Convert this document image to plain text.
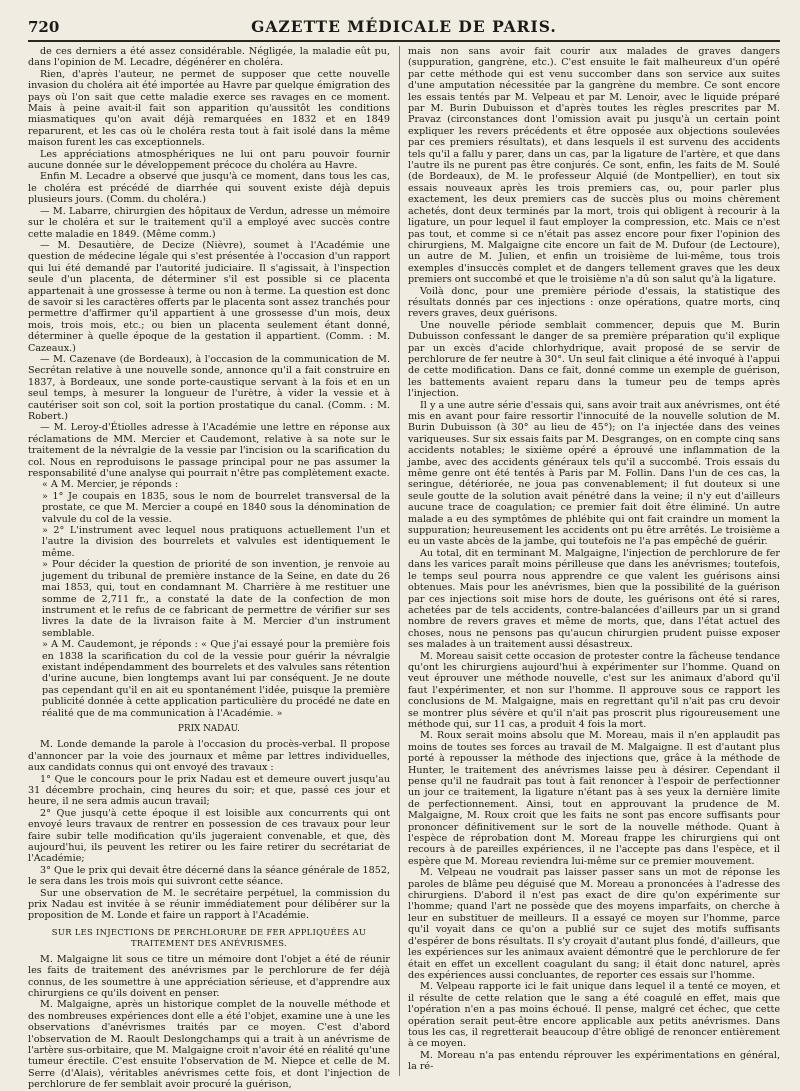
720	GAZETTE MÉDICALE DE PARIS.

de ces derniers a été assez considérable. Négligée, la maladie eût pu, dans l'opinion de M. Lecadre, dégénérer en choléra.

Rien, d'après l'auteur, ne permet de supposer que cette nouvelle invasion du choléra ait été importée au Havre par quelque émigration des pays où l'on sait que cette maladie exerce ses ravages en ce moment. Mais à peine avait-il fait son apparition qu'aussitôt les conditions miasmatiques qu'on avait déjà remarquées en 1832 et en 1849 reparurent, et les cas où le choléra resta tout à fait isolé dans la même maison furent les cas exceptionnels.

Les appréciations atmosphériques ne lui ont paru pouvoir fournir aucune donnée sur le développement précoce du choléra au Havre.

Enfin M. Lecadre a observé que jusqu'à ce moment, dans tous les cas, le choléra est précédé de diarrhée qui souvent existe déjà depuis plusieurs jours. (Comm. du choléra.)

— M. Labarre, chirurgien des hôpitaux de Verdun, adresse un mémoire sur le choléra et sur le traitement qu'il a employé avec succès contre cette maladie en 1849. (Même comm.)

— M. Desautière, de Decize (Nièvre), soumet à l'Académie une question de médecine légale qui s'est présentée à l'occasion d'un rapport qui lui été demandé par l'autorité judiciaire. Il s'agissait, à l'inspection seule d'un placenta, de déterminer s'il est possible si ce placenta appartenait à une grossesse à terme ou non à terme. La question est donc de savoir si les caractères offerts par le placenta sont assez tranchés pour permettre d'affirmer qu'il appartient à une grossesse d'un mois, deux mois, trois mois, etc.; ou bien un placenta seulement étant donné, déterminer à quelle époque de la gestation il appartient. (Comm. : M. Cazeaux.)

— M. Cazenave (de Bordeaux), à l'occasion de la communication de M. Secrétan relative à une nouvelle sonde, annonce qu'il a fait construire en 1837, à Bordeaux, une sonde porte-caustique servant à la fois et en un seul temps, à mesurer la longueur de l'urètre, à vider la vessie et à cautériser soit son col, soit la portion prostatique du canal. (Comm. : M. Robert.)

— M. Leroy-d'Étiolles adresse à l'Académie une lettre en réponse aux réclamations de MM. Mercier et Caudemont, relative à sa note sur le traitement de la névralgie de la vessie par l'incision ou la scarification du col. Nous en reproduisons le passage principal pour ne pas assumer la responsabilité d'une analyse qui pourrait n'être pas complètement exacte.

« A M. Mercier, je réponds :

» 1° Je coupais en 1835, sous le nom de bourrelet transversal de la prostate, ce que M. Mercier a coupé en 1840 sous la dénomination de valvule du col de la vessie.

» 2° L'instrument avec lequel nous pratiquons actuellement l'un et l'autre la division des bourrelets et valvules est identiquement le même.

» Pour décider la question de priorité de son invention, je renvoie au jugement du tribunal de première instance de la Seine, en date du 26 mai 1853, qui, tout en condamnant M. Charrière à me restituer une somme de 2,711 fr., a constaté la date de la confection de mon instrument et le refus de ce fabricant de permettre de vérifier sur ses livres la date de la livraison faite à M. Mercier d'un instrument semblable.

» A M. Caudemont, je réponds : « Que j'ai essayé pour la première fois en 1838 la scarification du col de la vessie pour guérir la névralgie existant indépendamment des bourrelets et des valvules sans rétention d'urine aucune, bien longtemps avant lui par conséquent. Je ne doute pas cependant qu'il en ait eu spontanément l'idée, puisque la première publicité donnée à cette application particulière du procédé ne date en réalité que de ma communication à l'Académie. »

PRIX NADAU.

M. Londe demande la parole à l'occasion du procès-verbal. Il propose d'annoncer par la voie des journaux et même par lettres individuelles, aux candidats connus qui ont envoyé des travaux :

1° Que le concours pour le prix Nadau est et demeure ouvert jusqu'au 31 décembre prochain, cinq heures du soir; et que, passé ces jour et heure, il ne sera admis aucun travail;

2° Que jusqu'à cette époque il est loisible aux concurrents qui ont envoyé leurs travaux de rentrer en possession de ces travaux pour leur faire subir telle modification qu'ils jugeraient convenable, et que, dès aujourd'hui, ils peuvent les retirer ou les faire retirer du secrétariat de l'Académie;

3° Que le prix qui devait être décerné dans la séance générale de 1852, le sera dans les trois mois qui suivront cette séance.

Sur une observation de M. le secrétaire perpétuel, la commission du prix Nadau est invitée à se réunir immédiatement pour délibérer sur la proposition de M. Londe et faire un rapport à l'Académie.

SUR LES INJECTIONS DE PERCHLORURE DE FER APPLIQUÉES AU TRAITEMENT DES ANÉVRISMES.

M. Malgaigne lit sous ce titre un mémoire dont l'objet a été de réunir les faits de traitement des anévrismes par le perchlorure de fer déjà connus, de les soumettre à une appréciation sérieuse, et d'apprendre aux chirurgiens ce qu'ils doivent en penser.

M. Malgaigne, après un historique complet de la nouvelle méthode et des nombreuses expériences dont elle a été l'objet, examine une à une les observations d'anévrismes traités par ce moyen. C'est d'abord l'observation de M. Raoult Deslongchamps qui a trait à un anévrisme de l'artère sus-orbitaire, que M. Malgaigne croit n'avoir été en réalité qu'une tumeur érectile. C'est ensuite l'observation de M. Niepce et celle de M. Serre (d'Alais), véritables anévrismes cette fois, et dont l'injection de perchlorure de fer semblait avoir procuré la guérison,

mais non sans avoir fait courir aux malades de graves dangers (suppuration, gangrène, etc.). C'est ensuite le fait malheureux d'un opéré par cette méthode qui est venu succomber dans son service aux suites d'une amputation nécessitée par la gangrène du membre. Ce sont encore les essais tentés par M. Velpeau et par M. Lenoir, avec le liquide préparé par M. Burin Dubuisson et d'après toutes les règles prescrites par M. Pravaz (circonstances dont l'omission avait pu jusqu'à un certain point expliquer les revers précédents et être opposée aux objections soulevées par ces premiers résultats), et dans lesquels il est survenu des accidents tels qu'il a fallu y parer, dans un cas, par la ligature de l'artère, et que dans l'autre ils ne purent pas être conjurés. Ce sont, enfin, les faits de M. Soulé (de Bordeaux), de M. le professeur Alquié (de Montpellier), en tout six essais nouveaux après les trois premiers cas, ou, pour parler plus exactement, les deux premiers cas de succès plus ou moins chèrement achetés, dont deux terminés par la mort, trois qui obligent à recourir à la ligature, un pour lequel il faut employer la compression, etc. Mais ce n'est pas tout, et comme si ce n'était pas assez encore pour fixer l'opinion des chirurgiens, M. Malgaigne cite encore un fait de M. Dufour (de Lectoure), un autre de M. Julien, et enfin un troisième de lui-même, tous trois exemples d'insuccès complet et de dangers tellement graves que les deux premiers ont succombé et que le troisième n'a dû son salut qu'à la ligature.

Voilà donc, pour une première période d'essais, la statistique des résultats donnés par ces injections : onze opérations, quatre morts, cinq revers graves, deux guérisons.

Une nouvelle période semblait commencer, depuis que M. Burin Dubuisson confessant le danger de sa première préparation qu'il explique par un excès d'acide chlorhydrique, avait proposé de se servir de perchlorure de fer neutre à 30°. Un seul fait clinique a été invoqué à l'appui de cette modification. Dans ce fait, donné comme un exemple de guérison, les battements avaient reparu dans la tumeur peu de temps après l'injection.

Il y a une autre série d'essais qui, sans avoir trait aux anévrismes, ont été mis en avant pour faire ressortir l'innocuité de la nouvelle solution de M. Burin Dubuisson (à 30° au lieu de 45°); on l'a injectée dans des veines variqueuses. Sur six essais faits par M. Desgranges, on en compte cinq sans accidents notables; le sixième opéré a éprouvé une inflammation de la jambe, avec des accidents généraux tels qu'il a succombé. Trois essais du même genre ont été tentés à Paris par M. Follin. Dans l'un de ces cas, la seringue, détériorée, ne joua pas convenablement; il fut douteux si une seule goutte de la solution avait pénétré dans la veine; il n'y eut d'ailleurs aucune trace de coagulation; ce premier fait doit être éliminé. Un autre malade a eu des symptômes de phlébite qui ont fait craindre un moment la suppuration; heureusement les accidents ont pu être arrêtés. Le troisième a eu un vaste abcès de la jambe, qui toutefois ne l'a pas empêché de guérir.

Au total, dit en terminant M. Malgaigne, l'injection de perchlorure de fer dans les varices paraît moins périlleuse que dans les anévrismes; toutefois, le temps seul pourra nous apprendre ce que valent les guérisons ainsi obtenues. Mais pour les anévrismes, bien que la possibilité de la guérison par ces injections soit mise hors de doute, les guérisons ont été si rares, achetées par de tels accidents, contre-balancées d'ailleurs par un si grand nombre de revers graves et même de morts, que, dans l'état actuel des choses, nous ne pensons pas qu'aucun chirurgien prudent puisse exposer ses malades à un traitement aussi désastreux.

M. Moreau saisit cette occasion de protester contre la fâcheuse tendance qu'ont les chirurgiens aujourd'hui à expérimenter sur l'homme. Quand on veut éprouver une méthode nouvelle, c'est sur les animaux d'abord qu'il faut l'expérimenter, et non sur l'homme. Il approuve sous ce rapport les conclusions de M. Malgaigne, mais en regrettant qu'il n'ait pas cru devoir se montrer plus sévère et qu'il n'ait pas proscrit plus rigoureusement une méthode qui, sur 11 cas, a produit 4 fois la mort.

M. Roux serait moins absolu que M. Moreau, mais il n'en applaudit pas moins de toutes ses forces au travail de M. Malgaigne. Il est d'autant plus porté à repousser la méthode des injections que, grâce à la méthode de Hunter, le traitement des anévrismes laisse peu à désirer. Cependant il pense qu'il ne faudrait pas tout à fait renoncer à l'espoir de perfectionner un jour ce traitement, la ligature n'étant pas à ses yeux la dernière limite de perfectionnement. Ainsi, tout en approuvant la prudence de M. Malgaigne, M. Roux croit que les faits ne sont pas encore suffisants pour prononcer définitivement sur le sort de la nouvelle méthode. Quant à l'espèce de réprobation dont M. Moreau frappe les chirurgiens qui ont recours à de pareilles expériences, il ne l'accepte pas dans l'espèce, et il espère que M. Moreau reviendra lui-même sur ce premier mouvement.

M. Velpeau ne voudrait pas laisser passer sans un mot de réponse les paroles de blâme peu déguisé que M. Moreau a prononcées à l'adresse des chirurgiens. D'abord il n'est pas exact de dire qu'on expérimente sur l'homme; quand l'art ne possède que des moyens imparfaits, on cherche à leur en substituer de meilleurs. Il a essayé ce moyen sur l'homme, parce qu'il voyait dans ce qu'on a publié sur ce sujet des motifs suffisants d'espérer de bons résultats. Il s'y croyait d'autant plus fondé, d'ailleurs, que les expériences sur les animaux avaient démontré que le perchlorure de fer était en effet un excellent coagulant du sang; il était donc naturel, après des expériences aussi concluantes, de reporter ces essais sur l'homme.

M. Velpeau rapporte ici le fait unique dans lequel il a tenté ce moyen, et il résulte de cette relation que le sang a été coagulé en effet, mais que l'opération n'en a pas moins échoué. Il pense, malgré cet échec, que cette opération serait peut-être encore applicable aux petits anévrismes. Dans tous les cas, il regretterait beaucoup d'être obligé de renoncer entièrement à ce moyen.

M. Moreau n'a pas entendu réprouver les expérimentations en général, la ré-
